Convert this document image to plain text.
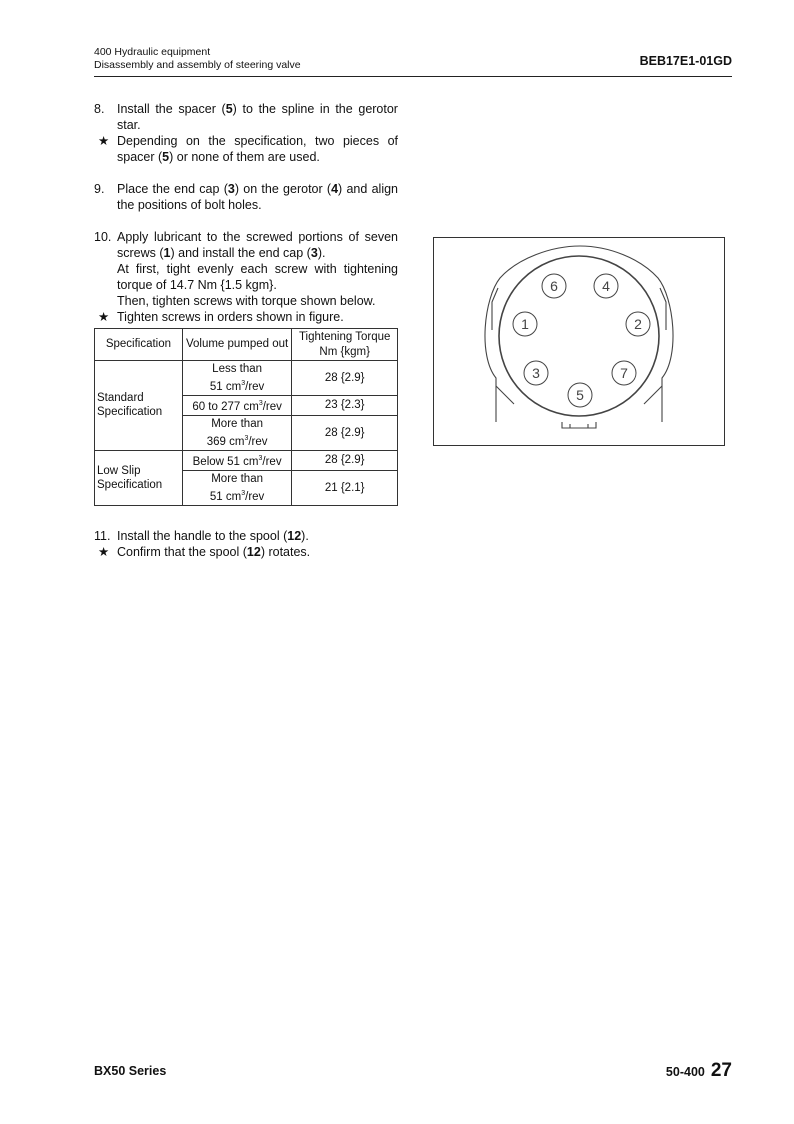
400 Hydraulic equipment
Disassembly and assembly of steering valve	BEB17E1-01GD
8. Install the spacer (5) to the spline in the gerotor star.

★ Depending on the specification, two pieces of spacer (5) or none of them are used.
9. Place the end cap (3) on the gerotor (4) and align the positions of bolt holes.

10. Apply lubricant to the screwed portions of seven screws (1) and install the end cap (3).

At first, tight evenly each screw with tightening torque of 14.7 Nm {1.5 kgm}.

Then, tighten screws with torque shown below.

★ Tighten screws in orders shown in figure.
Specification	Volume pumped out	Tightening Torque
Nm {kgm}
Standard Specification	Less than
51 $cm^3$/rev	28 {2.9}
	60 to 277 $cm^3$/rev	23 {2.3}
	More than
369 $cm^3$/rev	28 {2.9}
Low Slip Specification	Below 51 $cm^3$/rev	28 {2.9}
	More than
51 $cm^3$/rev	21 {2.1}
11. Install the handle to the spool (12).

★ Confirm that the spool (12) rotates.
6	4
1	2
3	7
5
BX50 Series	50-400 27
